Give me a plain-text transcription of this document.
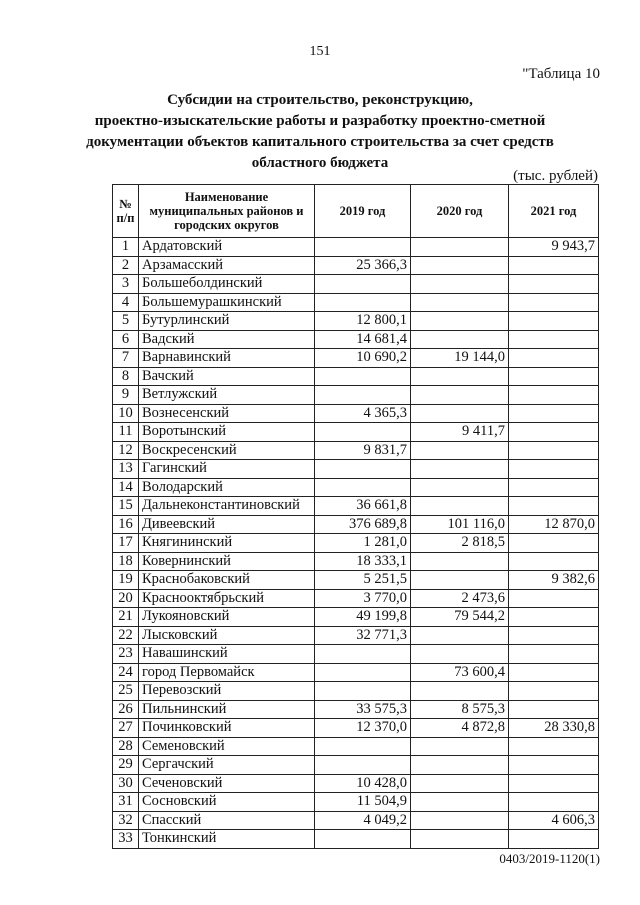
151
"Таблица 10
Субсидии на строительство, реконструкцию,
проектно-изыскательские работы и разработку проектно-сметной
документации объектов капитального строительства за счет средств
областного бюджета
(тыс. рублей)
№ п/п	Наименование муниципальных районов и городских округов	2019 год	2020 год	2021 год
1	Ардатовский			9 943,7
2	Арзамасский	25 366,3		
3	Большеболдинский			
4	Большемурашкинский			
5	Бутурлинский	12 800,1		
6	Вадский	14 681,4		
7	Варнавинский	10 690,2	19 144,0	
8	Вачский			
9	Ветлужский			
10	Вознесенский	4 365,3		
11	Воротынский		9 411,7	
12	Воскресенский	9 831,7		
13	Гагинский			
14	Володарский			
15	Дальнеконстантиновский	36 661,8		
16	Дивеевский	376 689,8	101 116,0	12 870,0
17	Княгининский	1 281,0	2 818,5	
18	Ковернинский	18 333,1		
19	Краснобаковский	5 251,5		9 382,6
20	Краснооктябрьский	3 770,0	2 473,6	
21	Лукояновский	49 199,8	79 544,2	
22	Лысковский	32 771,3		
23	Навашинский			
24	город Первомайск		73 600,4	
25	Перевозский			
26	Пильнинский	33 575,3	8 575,3	
27	Починковский	12 370,0	4 872,8	28 330,8
28	Семеновский			
29	Сергачский			
30	Сеченовский	10 428,0		
31	Сосновский	11 504,9		
32	Спасский	4 049,2		4 606,3
33	Тонкинский			
0403/2019-1120(1)
